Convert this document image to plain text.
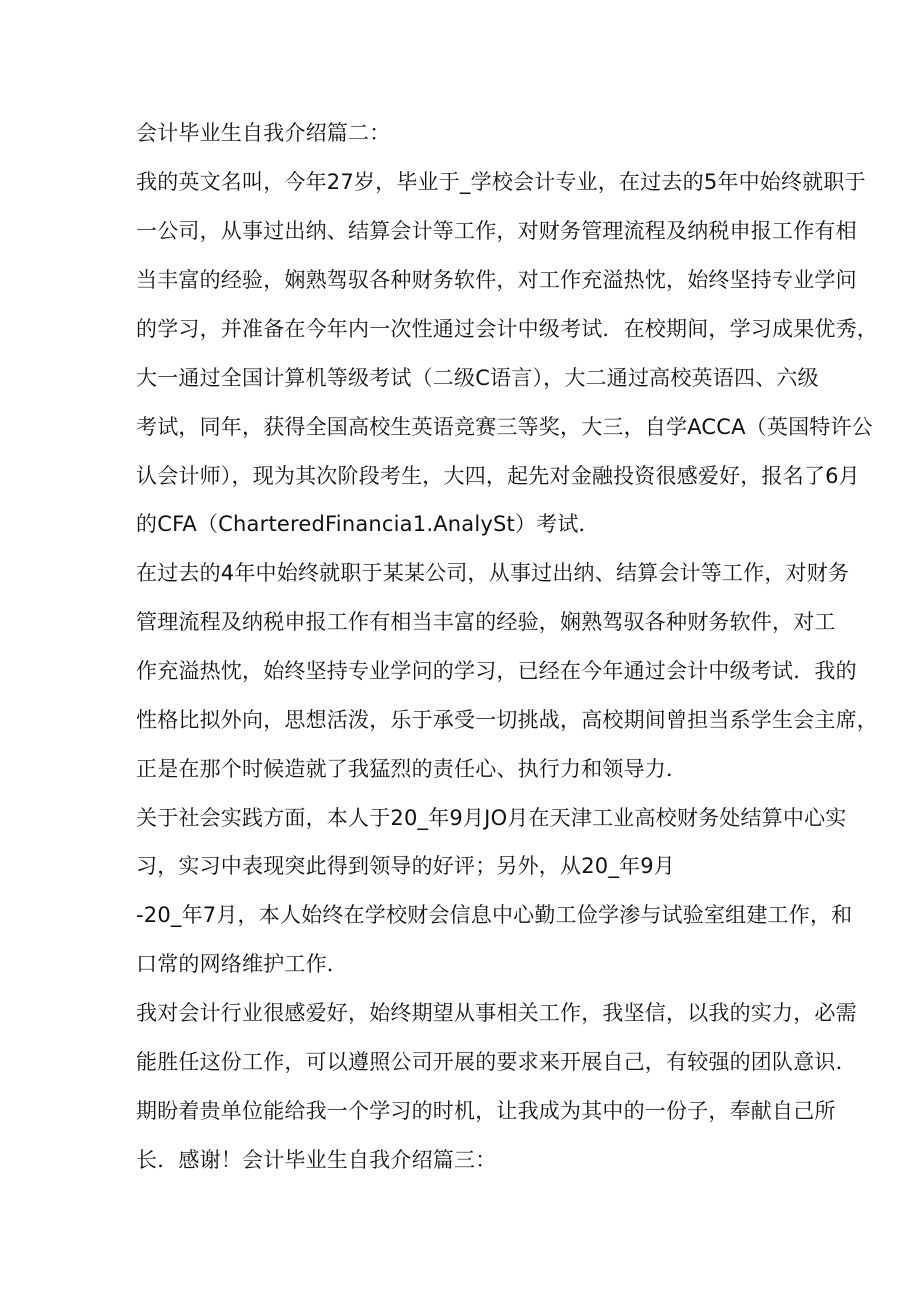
会计毕业生自我介绍篇二：
我的英文名叫，今年27岁，毕业于_学校会计专业，在过去的5年中始终就职于
一公司，从事过出纳、结算会计等工作，对财务管理流程及纳税申报工作有相
当丰富的经验，娴熟驾驭各种财务软件，对工作充溢热忱，始终坚持专业学问
的学习，并准备在今年内一次性通过会计中级考试．在校期间，学习成果优秀，
大一通过全国计算机等级考试（二级C语言），大二通过高校英语四、六级
考试，同年，获得全国高校生英语竞赛三等奖，大三，自学ACCA（英国特许公
认会计师），现为其次阶段考生，大四，起先对金融投资很感爱好，报名了6月
的CFA（CharteredFinancia1.AnalySt）考试．
在过去的4年中始终就职于某某公司，从事过出纳、结算会计等工作，对财务
管理流程及纳税申报工作有相当丰富的经验，娴熟驾驭各种财务软件，对工
作充溢热忱，始终坚持专业学问的学习，已经在今年通过会计中级考试．我的
性格比拟外向，思想活泼，乐于承受一切挑战，高校期间曾担当系学生会主席，
正是在那个时候造就了我猛烈的责任心、执行力和领导力．
关于社会实践方面，本人于20_年9月JO月在天津工业高校财务处结算中心实
习，实习中表现突此得到领导的好评；另外，从20_年9月
-20_年7月，本人始终在学校财会信息中心勤工俭学渗与试验室组建工作，和
口常的网络维护工作．
我对会计行业很感爱好，始终期望从事相关工作，我坚信，以我的实力，必需
能胜任这份工作，可以遵照公司开展的要求来开展自己，有较强的团队意识．
期盼着贵单位能给我一个学习的时机，让我成为其中的一份子，奉献自己所
长．感谢！会计毕业生自我介绍篇三：
